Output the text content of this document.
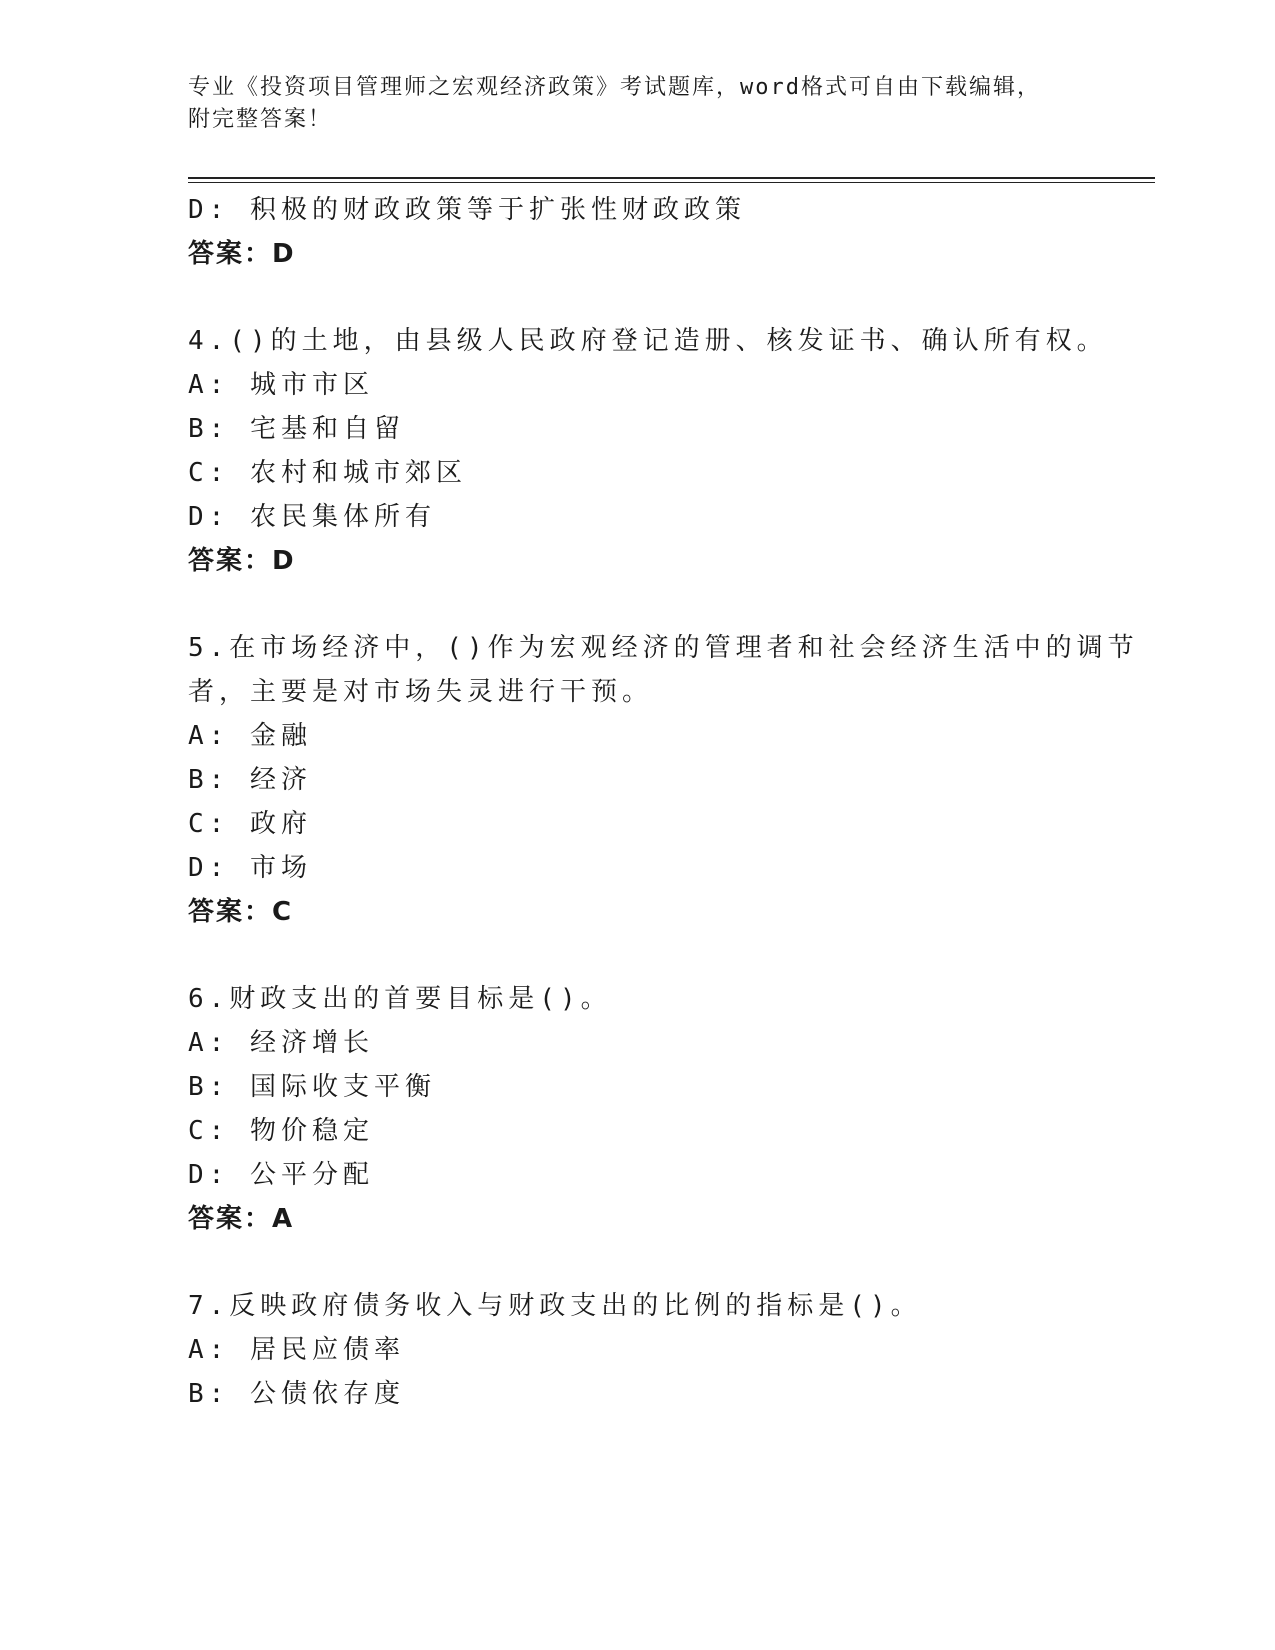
专业《投资项目管理师之宏观经济政策》考试题库，word格式可自由下载编辑，
附完整答案！
D: 积极的财政政策等于扩张性财政政策
答案：D
4.()的土地，由县级人民政府登记造册、核发证书、确认所有权。
A: 城市市区
B: 宅基和自留
C: 农村和城市郊区
D: 农民集体所有
答案：D
5.在市场经济中，()作为宏观经济的管理者和社会经济生活中的调节
者，主要是对市场失灵进行干预。
A: 金融
B: 经济
C: 政府
D: 市场
答案：C
6.财政支出的首要目标是()。
A: 经济增长
B: 国际收支平衡
C: 物价稳定
D: 公平分配
答案：A
7.反映政府债务收入与财政支出的比例的指标是()。
A: 居民应债率
B: 公债依存度
